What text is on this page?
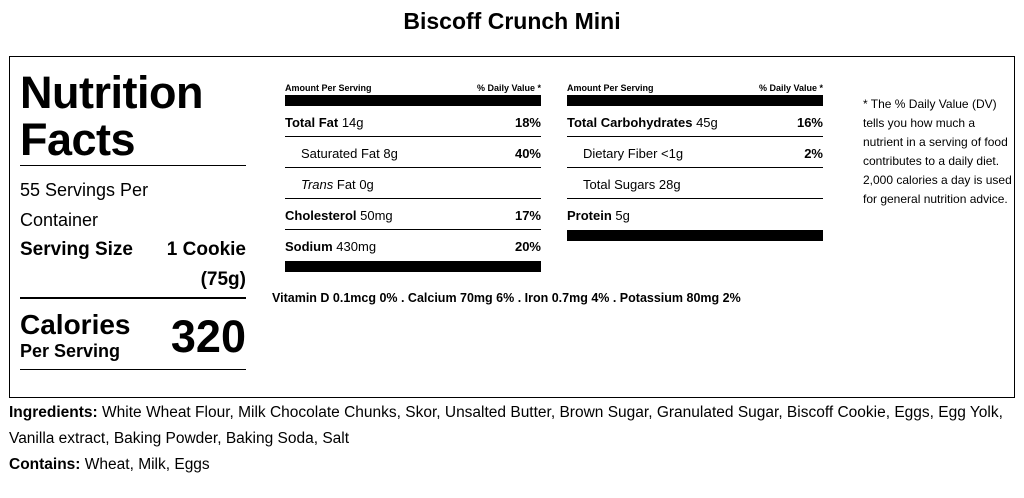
Biscoff Crunch Mini
Nutrition
Facts
55 Servings Per
Container
Serving Size	1 Cookie (75g)
Calories
Per Serving 320
Amount Per Serving	% Daily Value *
Total Fat 14g	18%
Saturated Fat 8g	40%
Trans Fat 0g
Cholesterol 50mg	17%
Sodium 430mg	20%
Amount Per Serving	% Daily Value *
Total Carbohydrates 45g	16%
Dietary Fiber <1g	2%
Total Sugars 28g
Protein 5g
Vitamin D 0.1mcg 0% . Calcium 70mg 6% . Iron 0.7mg 4% . Potassium 80mg 2%
* The % Daily Value (DV) tells you how much a nutrient in a serving of food contributes to a daily diet. 2,000 calories a day is used for general nutrition advice.
Ingredients: White Wheat Flour, Milk Chocolate Chunks, Skor, Unsalted Butter, Brown Sugar, Granulated Sugar, Biscoff Cookie, Eggs, Egg Yolk, Vanilla extract, Baking Powder, Baking Soda, Salt
Contains: Wheat, Milk, Eggs
